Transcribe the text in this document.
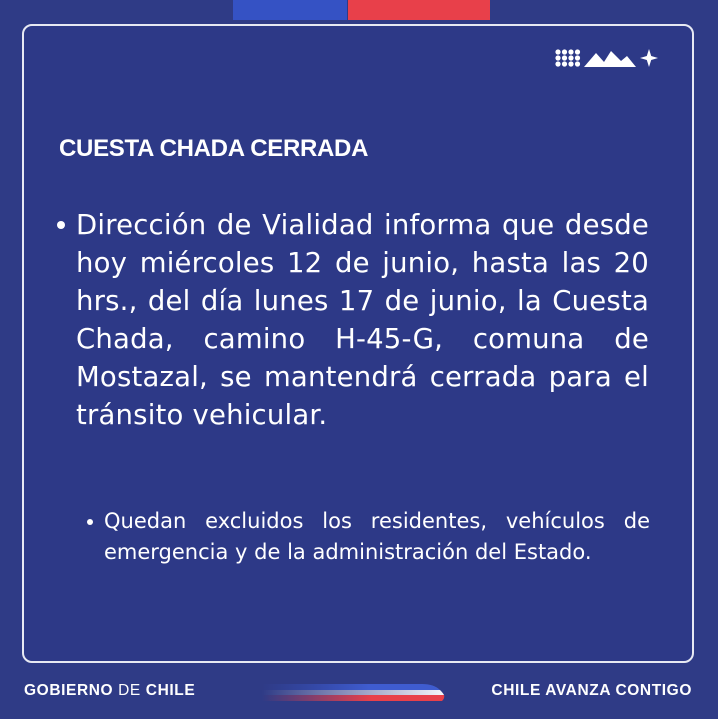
CUESTA CHADA CERRADA

Dirección de Vialidad informa que desde hoy miércoles 12 de junio, hasta las 20 hrs., del día lunes 17 de junio, la Cuesta Chada, camino H-45-G, comuna de Mostazal, se mantendrá cerrada para el tránsito vehicular.

Quedan excluidos los residentes, vehículos de emergencia y de la administración del Estado.

GOBIERNO DE CHILE	CHILE AVANZA CONTIGO
